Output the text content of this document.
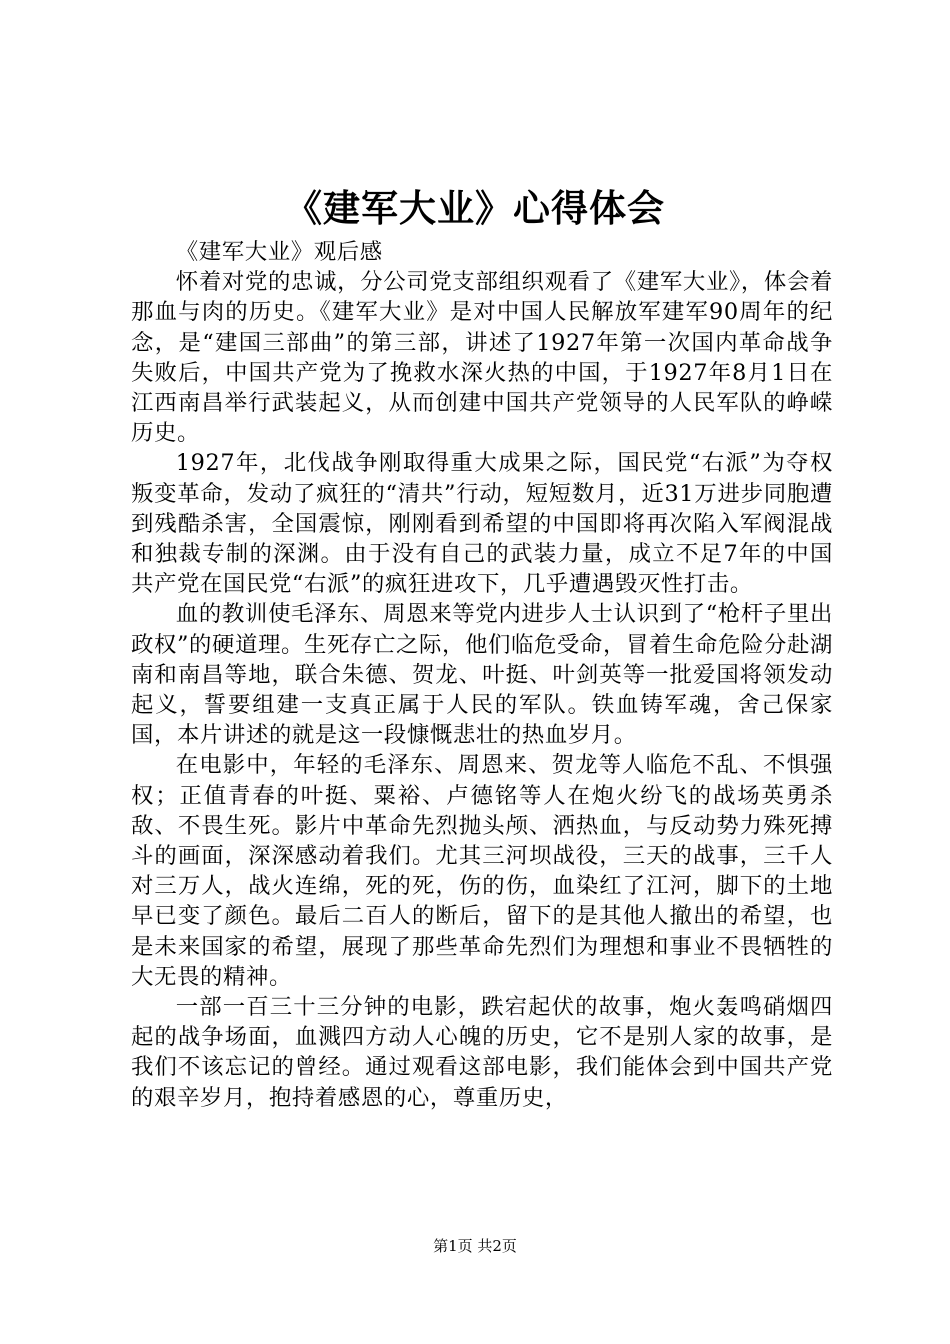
《建军大业》心得体会

《建军大业》观后感

怀着对党的忠诚，分公司党支部组织观看了《建军大业》，体会着那血与肉的历史。《建军大业》是对中国人民解放军建军90周年的纪念，是“建国三部曲”的第三部，讲述了1927年第一次国内革命战争失败后，中国共产党为了挽救水深火热的中国，于1927年8月1日在江西南昌举行武装起义，从而创建中国共产党领导的人民军队的峥嵘历史。

1927年，北伐战争刚取得重大成果之际，国民党“右派”为夺权叛变革命，发动了疯狂的“清共”行动，短短数月，近31万进步同胞遭到残酷杀害，全国震惊，刚刚看到希望的中国即将再次陷入军阀混战和独裁专制的深渊。由于没有自己的武装力量，成立不足7年的中国共产党在国民党“右派”的疯狂进攻下，几乎遭遇毁灭性打击。

血的教训使毛泽东、周恩来等党内进步人士认识到了“枪杆子里出政权”的硬道理。生死存亡之际，他们临危受命，冒着生命危险分赴湖南和南昌等地，联合朱德、贺龙、叶挺、叶剑英等一批爱国将领发动起义，誓要组建一支真正属于人民的军队。铁血铸军魂，舍己保家国，本片讲述的就是这一段慷慨悲壮的热血岁月。

在电影中，年轻的毛泽东、周恩来、贺龙等人临危不乱、不惧强权；正值青春的叶挺、粟裕、卢德铭等人在炮火纷飞的战场英勇杀敌、不畏生死。影片中革命先烈抛头颅、洒热血，与反动势力殊死搏斗的画面，深深感动着我们。尤其三河坝战役，三天的战事，三千人对三万人，战火连绵，死的死，伤的伤，血染红了江河，脚下的土地早已变了颜色。最后二百人的断后，留下的是其他人撤出的希望，也是未来国家的希望，展现了那些革命先烈们为理想和事业不畏牺牲的大无畏的精神。

一部一百三十三分钟的电影，跌宕起伏的故事，炮火轰鸣硝烟四起的战争场面，血溅四方动人心魄的历史，它不是别人家的故事，是我们不该忘记的曾经。通过观看这部电影，我们能体会到中国共产党的艰辛岁月，抱持着感恩的心，尊重历史，

第1页 共2页
